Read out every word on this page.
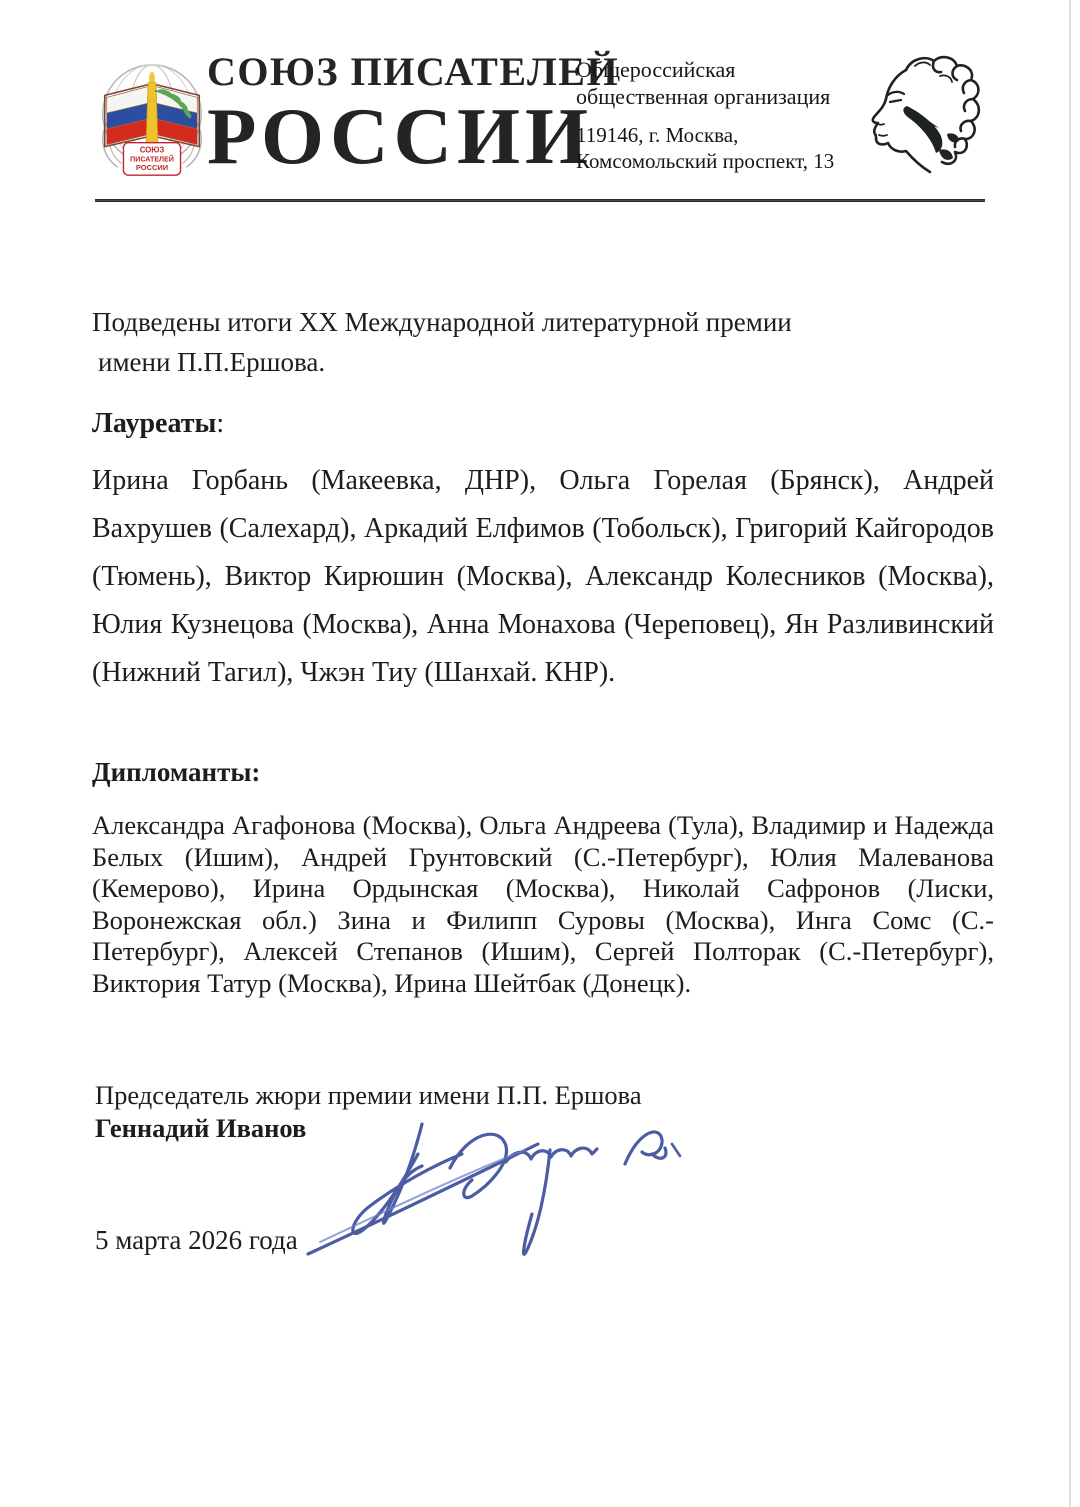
СОЮЗ
ПИСАТЕЛЕЙ
РОССИИ
СОЮЗ ПИСАТЕЛЕЙ
РОССИИ
Общероссийская
общественная организация
119146, г. Москва,
Комсомольский проспект, 13
Подведены итоги XX Международной литературной премии
имени П.П.Ершова.
Лауреаты:
Ирина Горбань (Макеевка, ДНР), Ольга Горелая (Брянск), Андрей Вахрушев (Салехард), Аркадий Елфимов (Тобольск), Григорий Кайгородов (Тюмень), Виктор Кирюшин (Москва), Александр Колесников (Москва), Юлия Кузнецова (Москва), Анна Монахова (Череповец), Ян Разливинский (Нижний Тагил), Чжэн Тиу (Шанхай. КНР).
Дипломанты:
Александра Агафонова (Москва), Ольга Андреева (Тула), Владимир и Надежда Белых (Ишим), Андрей Грунтовский (С.-Петербург), Юлия Малеванова (Кемерово), Ирина Ордынская (Москва), Николай Сафронов (Лиски, Воронежская обл.) Зина и Филипп Суровы (Москва), Инга Сомс (С.-Петербург), Алексей Степанов (Ишим), Сергей Полторак (С.-Петербург), Виктория Татур (Москва), Ирина Шейтбак (Донецк).
Председатель жюри премии имени П.П. Ершова
Геннадий Иванов
5 марта 2026 года
